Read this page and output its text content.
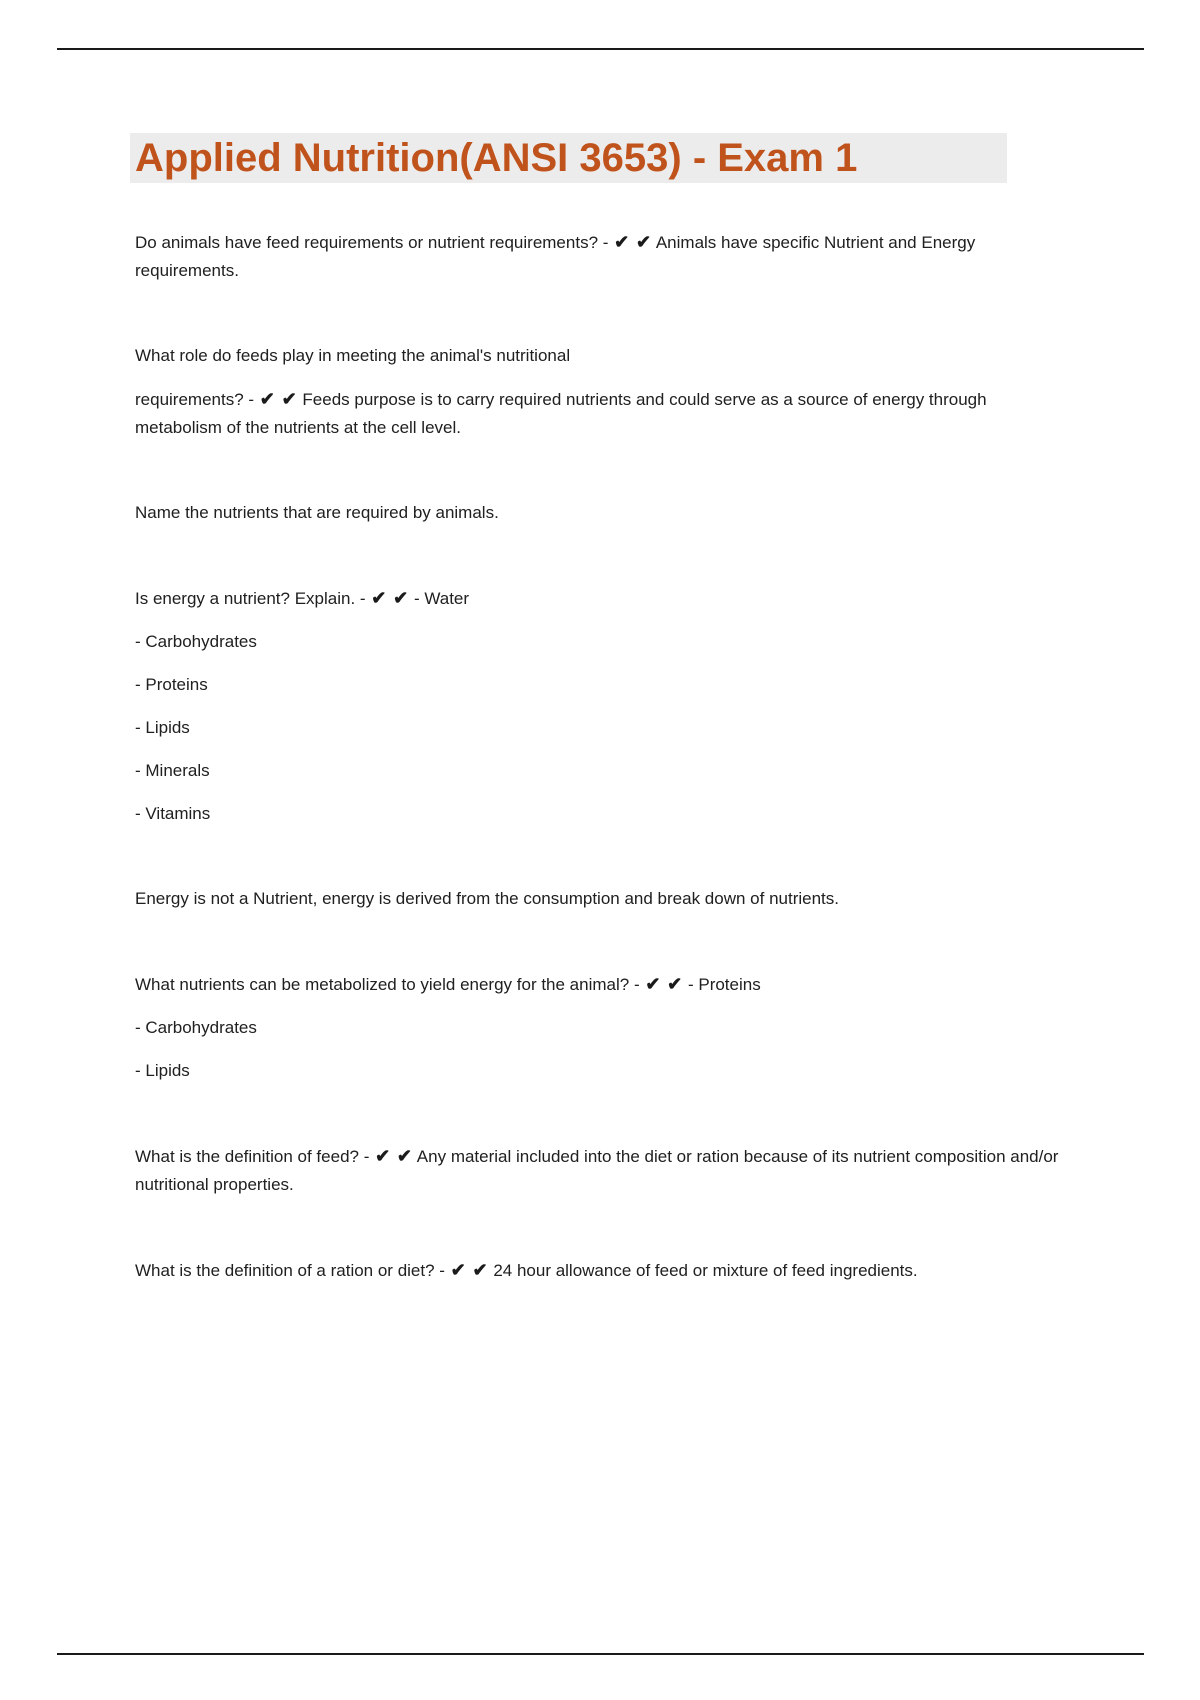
Applied Nutrition(ANSI 3653) - Exam 1

Do animals have feed requirements or nutrient requirements? - ✔ ✔ Animals have specific Nutrient and Energy requirements.

What role do feeds play in meeting the animal's nutritional

requirements? - ✔ ✔ Feeds purpose is to carry required nutrients and could serve as a source of energy through metabolism of the nutrients at the cell level.

Name the nutrients that are required by animals.

Is energy a nutrient? Explain. - ✔ ✔ - Water

- Carbohydrates

- Proteins

- Lipids

- Minerals

- Vitamins

Energy is not a Nutrient, energy is derived from the consumption and break down of nutrients.

What nutrients can be metabolized to yield energy for the animal? - ✔ ✔ - Proteins

- Carbohydrates

- Lipids

What is the definition of feed? - ✔ ✔ Any material included into the diet or ration because of its nutrient composition and/or nutritional properties.

What is the definition of a ration or diet? - ✔ ✔ 24 hour allowance of feed or mixture of feed ingredients.
